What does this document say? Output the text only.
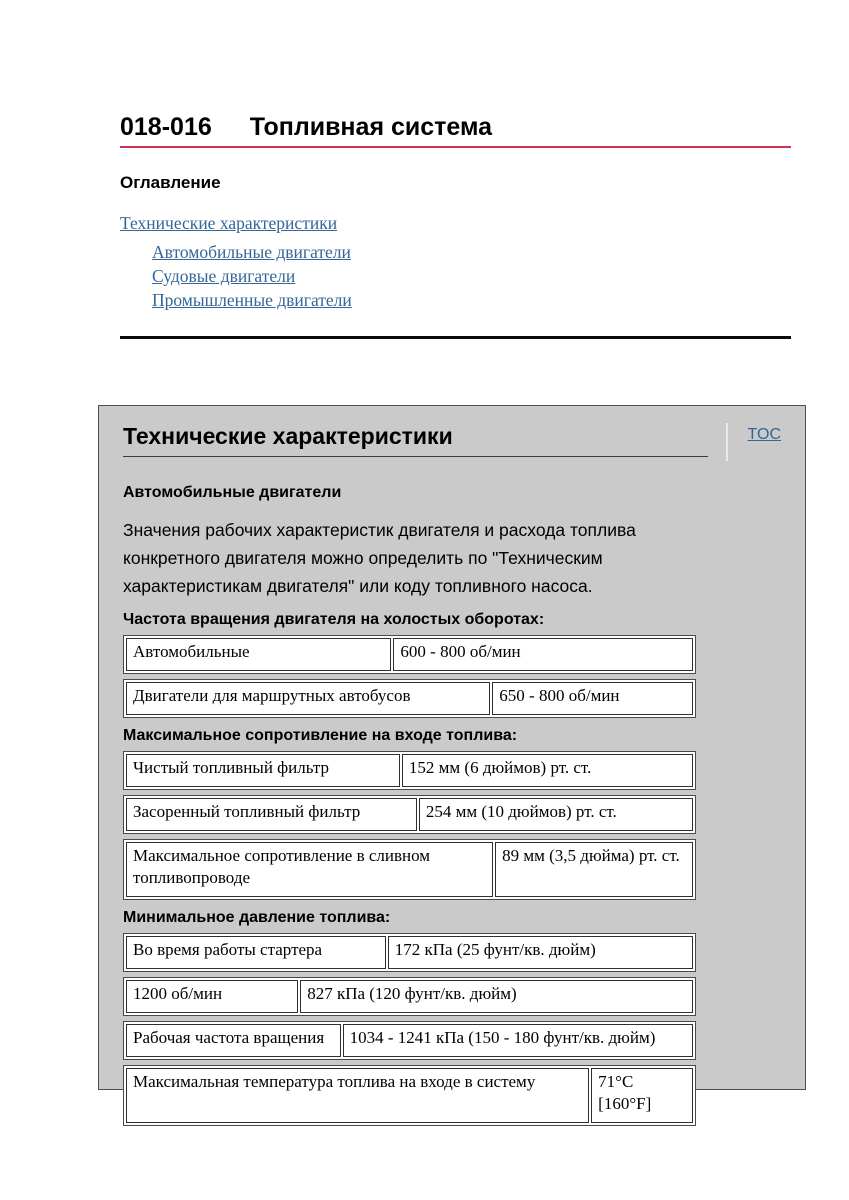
018-016 Топливная система
Оглавление
Технические характеристики
Автомобильные двигатели
Судовые двигатели
Промышленные двигатели
Технические характеристики	TOC
Автомобильные двигатели
Значения рабочих характеристик двигателя и расхода топлива конкретного двигателя можно определить по "Техническим характеристикам двигателя" или коду топливного насоса.
Частота вращения двигателя на холостых оборотах:
Автомобильные	600 - 800 об/мин
Двигатели для маршрутных автобусов	650 - 800 об/мин
Максимальное сопротивление на входе топлива:
Чистый топливный фильтр	152 мм (6 дюймов) рт. ст.
Засоренный топливный фильтр	254 мм (10 дюймов) рт. ст.
Максимальное сопротивление в сливном топливопроводе	89 мм (3,5 дюйма) рт. ст.
Минимальное давление топлива:
Во время работы стартера	172 кПа (25 фунт/кв. дюйм)
1200 об/мин	827 кПа (120 фунт/кв. дюйм)
Рабочая частота вращения	1034 - 1241 кПа (150 - 180 фунт/кв. дюйм)
Максимальная температура топлива на входе в систему	71°C [160°F]
